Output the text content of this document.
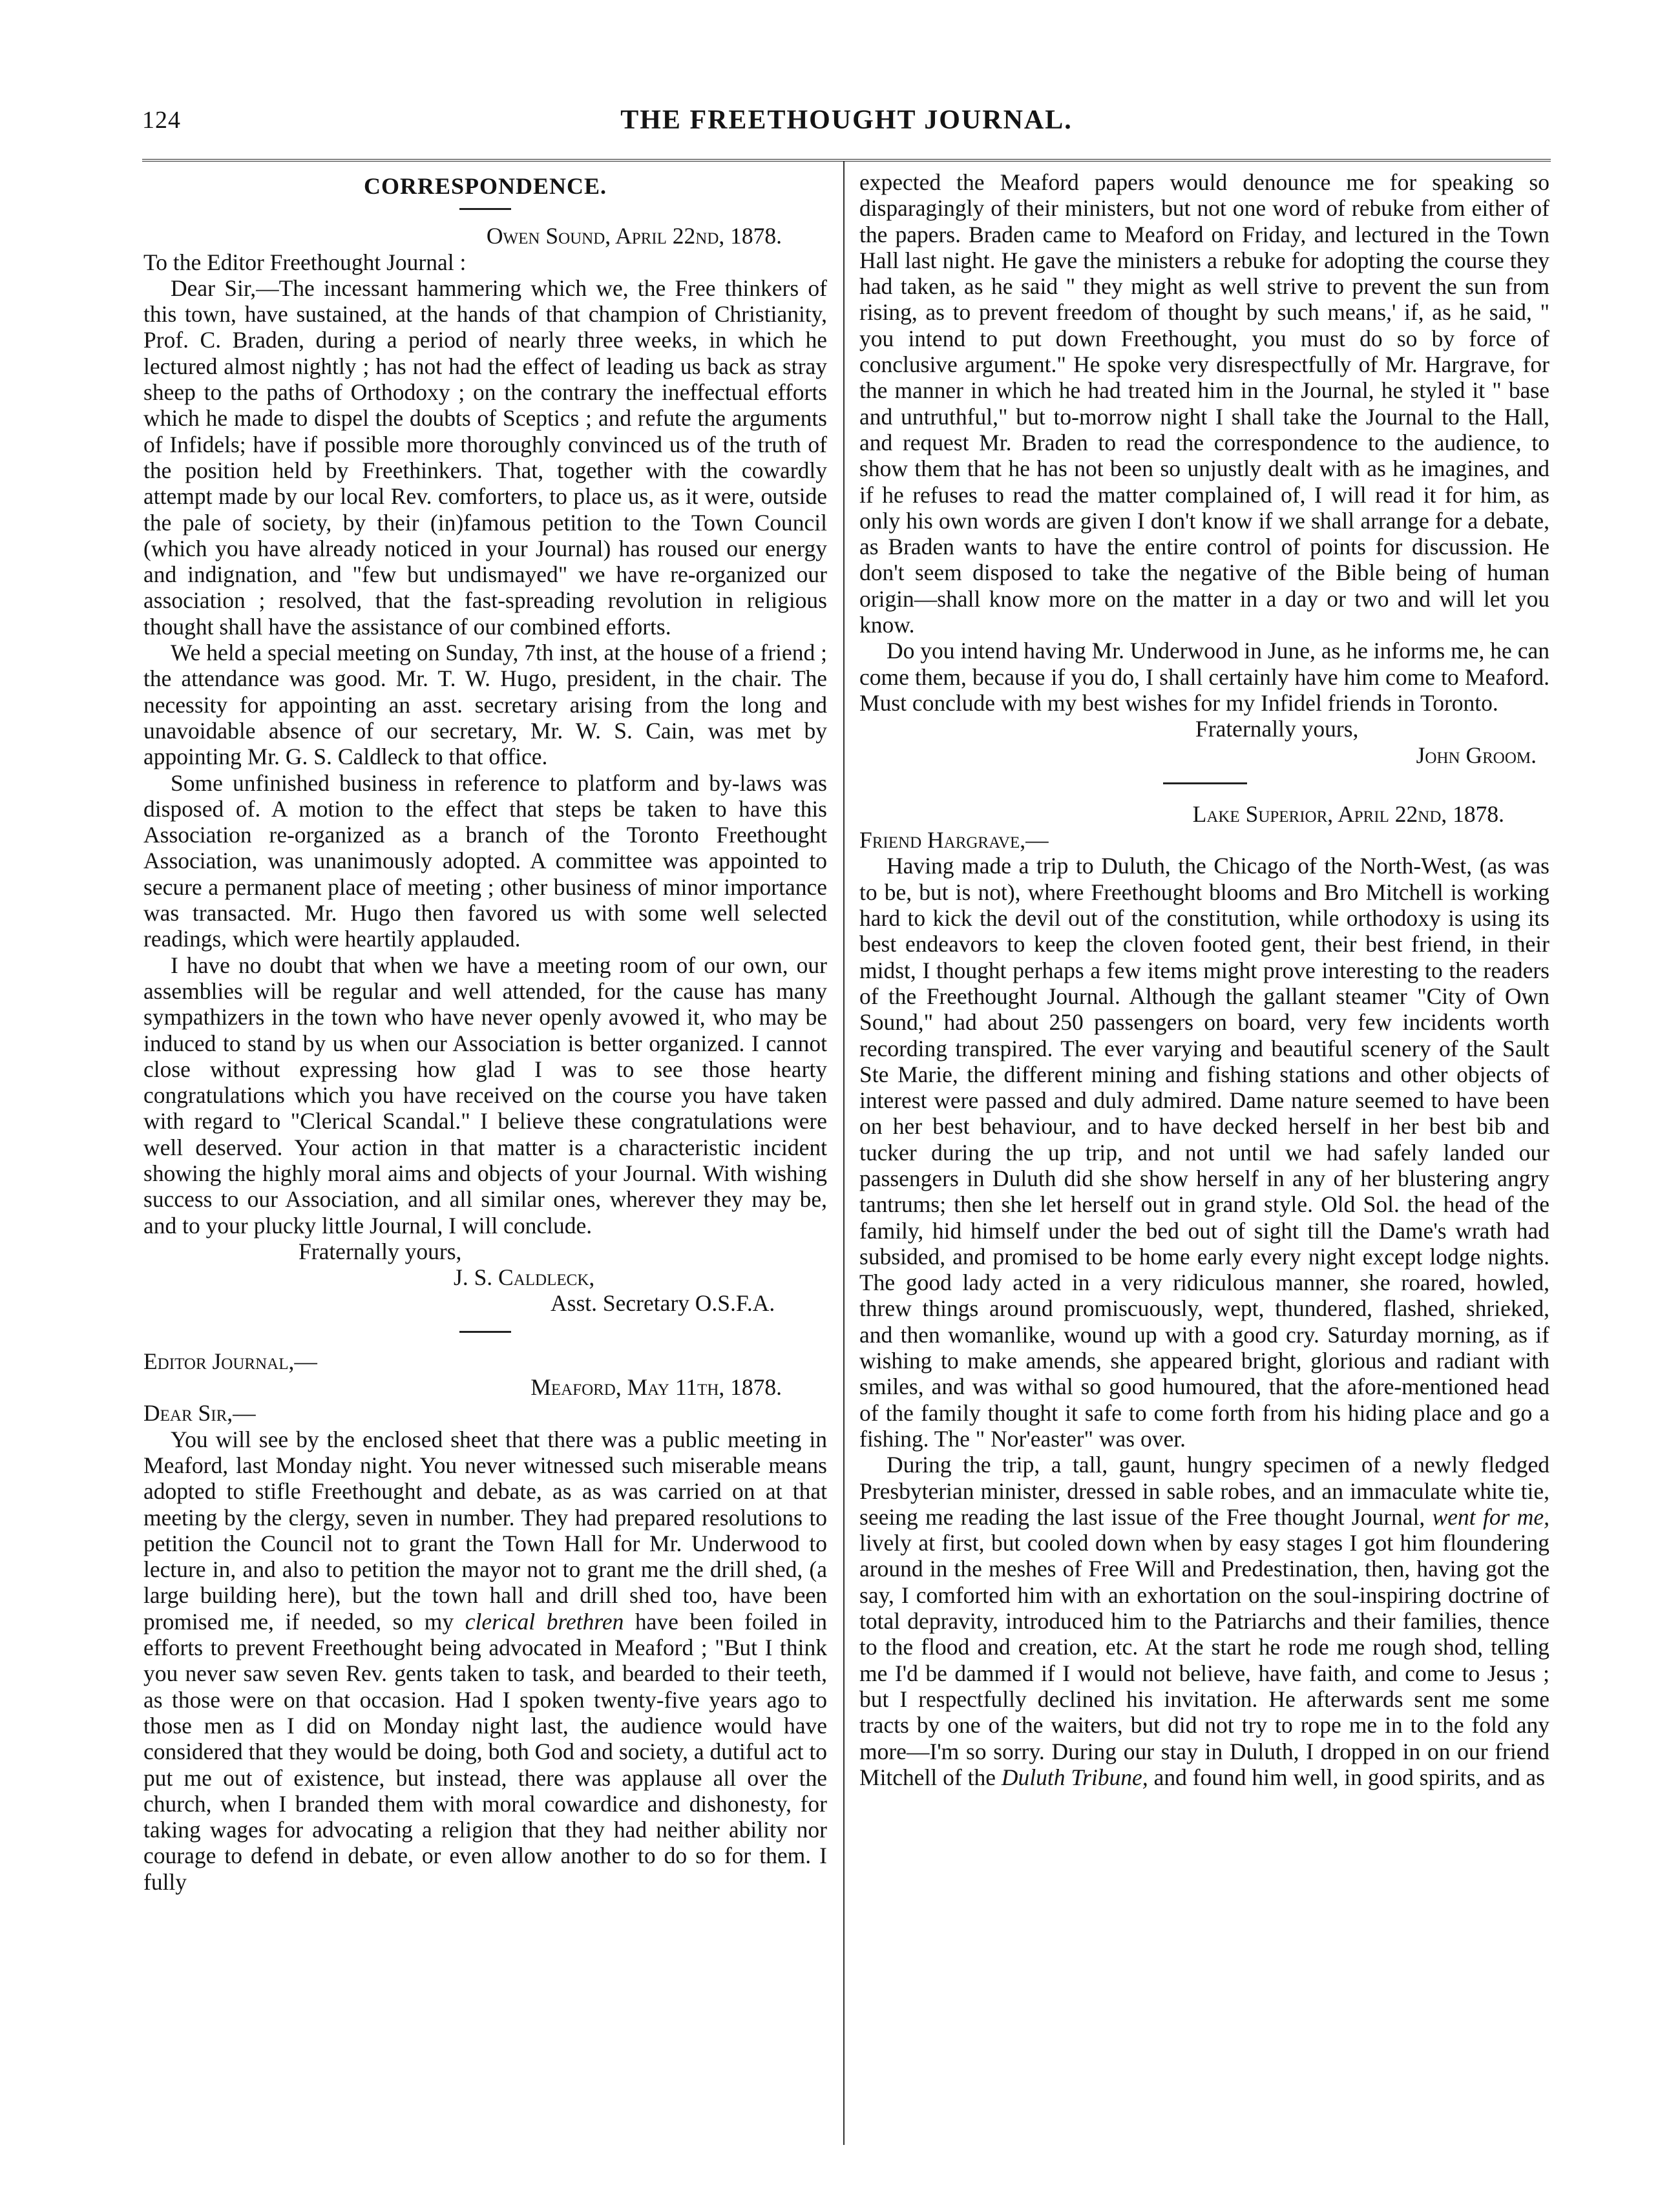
124	THE FREETHOUGHT JOURNAL.
CORRESPONDENCE.

Owen Sound, April 22nd, 1878.

To the Editor Freethought Journal :

Dear Sir,—The incessant hammering which we, the Free thinkers of this town, have sustained, at the hands of that champion of Christianity, Prof. C. Braden, during a period of nearly three weeks, in which he lectured almost nightly ; has not had the effect of leading us back as stray sheep to the paths of Orthodoxy ; on the contrary the ineffectual efforts which he made to dispel the doubts of Sceptics ; and refute the arguments of Infidels; have if possible more thoroughly convinced us of the truth of the position held by Freethinkers. That, together with the cowardly attempt made by our local Rev. comforters, to place us, as it were, outside the pale of society, by their (in)famous petition to the Town Council (which you have already noticed in your Journal) has roused our energy and indignation, and "few but undismayed" we have re-organized our association ; resolved, that the fast-spreading revolution in religious thought shall have the assistance of our combined efforts.

We held a special meeting on Sunday, 7th inst, at the house of a friend ; the attendance was good. Mr. T. W. Hugo, president, in the chair. The necessity for appointing an asst. secretary arising from the long and unavoidable absence of our secretary, Mr. W. S. Cain, was met by appointing Mr. G. S. Caldleck to that office.

Some unfinished business in reference to platform and by-laws was disposed of. A motion to the effect that steps be taken to have this Association re-organized as a branch of the Toronto Freethought Association, was unanimously adopted. A committee was appointed to secure a permanent place of meeting ; other business of minor importance was transacted. Mr. Hugo then favored us with some well selected readings, which were heartily applauded.

I have no doubt that when we have a meeting room of our own, our assemblies will be regular and well attended, for the cause has many sympathizers in the town who have never openly avowed it, who may be induced to stand by us when our Association is better organized. I cannot close without expressing how glad I was to see those hearty congratulations which you have received on the course you have taken with regard to "Clerical Scandal." I believe these congratulations were well deserved. Your action in that matter is a characteristic incident showing the highly moral aims and objects of your Journal. With wishing success to our Association, and all similar ones, wherever they may be, and to your plucky little Journal, I will conclude.

Fraternally yours,

J. S. Caldleck,

Asst. Secretary O.S.F.A.

Editor Journal,—

Meaford, May 11th, 1878.

Dear Sir,—

You will see by the enclosed sheet that there was a public meeting in Meaford, last Monday night. You never witnessed such miserable means adopted to stifle Freethought and debate, as as was carried on at that meeting by the clergy, seven in number. They had prepared resolutions to petition the Council not to grant the Town Hall for Mr. Underwood to lecture in, and also to petition the mayor not to grant me the drill shed, (a large building here), but the town hall and drill shed too, have been promised me, if needed, so my clerical brethren have been foiled in efforts to prevent Freethought being advocated in Meaford ; "But I think you never saw seven Rev. gents taken to task, and bearded to their teeth, as those were on that occasion. Had I spoken twenty-five years ago to those men as I did on Monday night last, the audience would have considered that they would be doing, both God and society, a dutiful act to put me out of existence, but instead, there was applause all over the church, when I branded them with moral cowardice and dishonesty, for taking wages for advocating a religion that they had neither ability nor courage to defend in debate, or even allow another to do so for them. I fully

expected the Meaford papers would denounce me for speaking so disparagingly of their ministers, but not one word of rebuke from either of the papers. Braden came to Meaford on Friday, and lectured in the Town Hall last night. He gave the ministers a rebuke for adopting the course they had taken, as he said " they might as well strive to prevent the sun from rising, as to prevent freedom of thought by such means,' if, as he said, " you intend to put down Freethought, you must do so by force of conclusive argument." He spoke very disrespectfully of Mr. Hargrave, for the manner in which he had treated him in the Journal, he styled it " base and untruthful," but to-morrow night I shall take the Journal to the Hall, and request Mr. Braden to read the correspondence to the audience, to show them that he has not been so unjustly dealt with as he imagines, and if he refuses to read the matter complained of, I will read it for him, as only his own words are given I don't know if we shall arrange for a debate, as Braden wants to have the entire control of points for discussion. He don't seem disposed to take the negative of the Bible being of human origin—shall know more on the matter in a day or two and will let you know.

Do you intend having Mr. Underwood in June, as he informs me, he can come them, because if you do, I shall certainly have him come to Meaford. Must conclude with my best wishes for my Infidel friends in Toronto.

Fraternally yours,

John Groom.

Lake Superior, April 22nd, 1878.

Friend Hargrave,—

Having made a trip to Duluth, the Chicago of the North-West, (as was to be, but is not), where Freethought blooms and Bro Mitchell is working hard to kick the devil out of the constitution, while orthodoxy is using its best endeavors to keep the cloven footed gent, their best friend, in their midst, I thought perhaps a few items might prove interesting to the readers of the Freethought Journal. Although the gallant steamer "City of Own Sound," had about 250 passengers on board, very few incidents worth recording transpired. The ever varying and beautiful scenery of the Sault Ste Marie, the different mining and fishing stations and other objects of interest were passed and duly admired. Dame nature seemed to have been on her best behaviour, and to have decked herself in her best bib and tucker during the up trip, and not until we had safely landed our passengers in Duluth did she show herself in any of her blustering angry tantrums; then she let herself out in grand style. Old Sol. the head of the family, hid himself under the bed out of sight till the Dame's wrath had subsided, and promised to be home early every night except lodge nights. The good lady acted in a very ridiculous manner, she roared, howled, threw things around promiscuously, wept, thundered, flashed, shrieked, and then womanlike, wound up with a good cry. Saturday morning, as if wishing to make amends, she appeared bright, glorious and radiant with smiles, and was withal so good humoured, that the afore-mentioned head of the family thought it safe to come forth from his hiding place and go a fishing. The " Nor'easter" was over.

During the trip, a tall, gaunt, hungry specimen of a newly fledged Presbyterian minister, dressed in sable robes, and an immaculate white tie, seeing me reading the last issue of the Free thought Journal, went for me, lively at first, but cooled down when by easy stages I got him floundering around in the meshes of Free Will and Predestination, then, having got the say, I comforted him with an exhortation on the soul-inspiring doctrine of total depravity, introduced him to the Patriarchs and their families, thence to the flood and creation, etc. At the start he rode me rough shod, telling me I'd be dammed if I would not believe, have faith, and come to Jesus ; but I respectfully declined his invitation. He afterwards sent me some tracts by one of the waiters, but did not try to rope me in to the fold any more—I'm so sorry. During our stay in Duluth, I dropped in on our friend Mitchell of the Duluth Tribune, and found him well, in good spirits, and as
